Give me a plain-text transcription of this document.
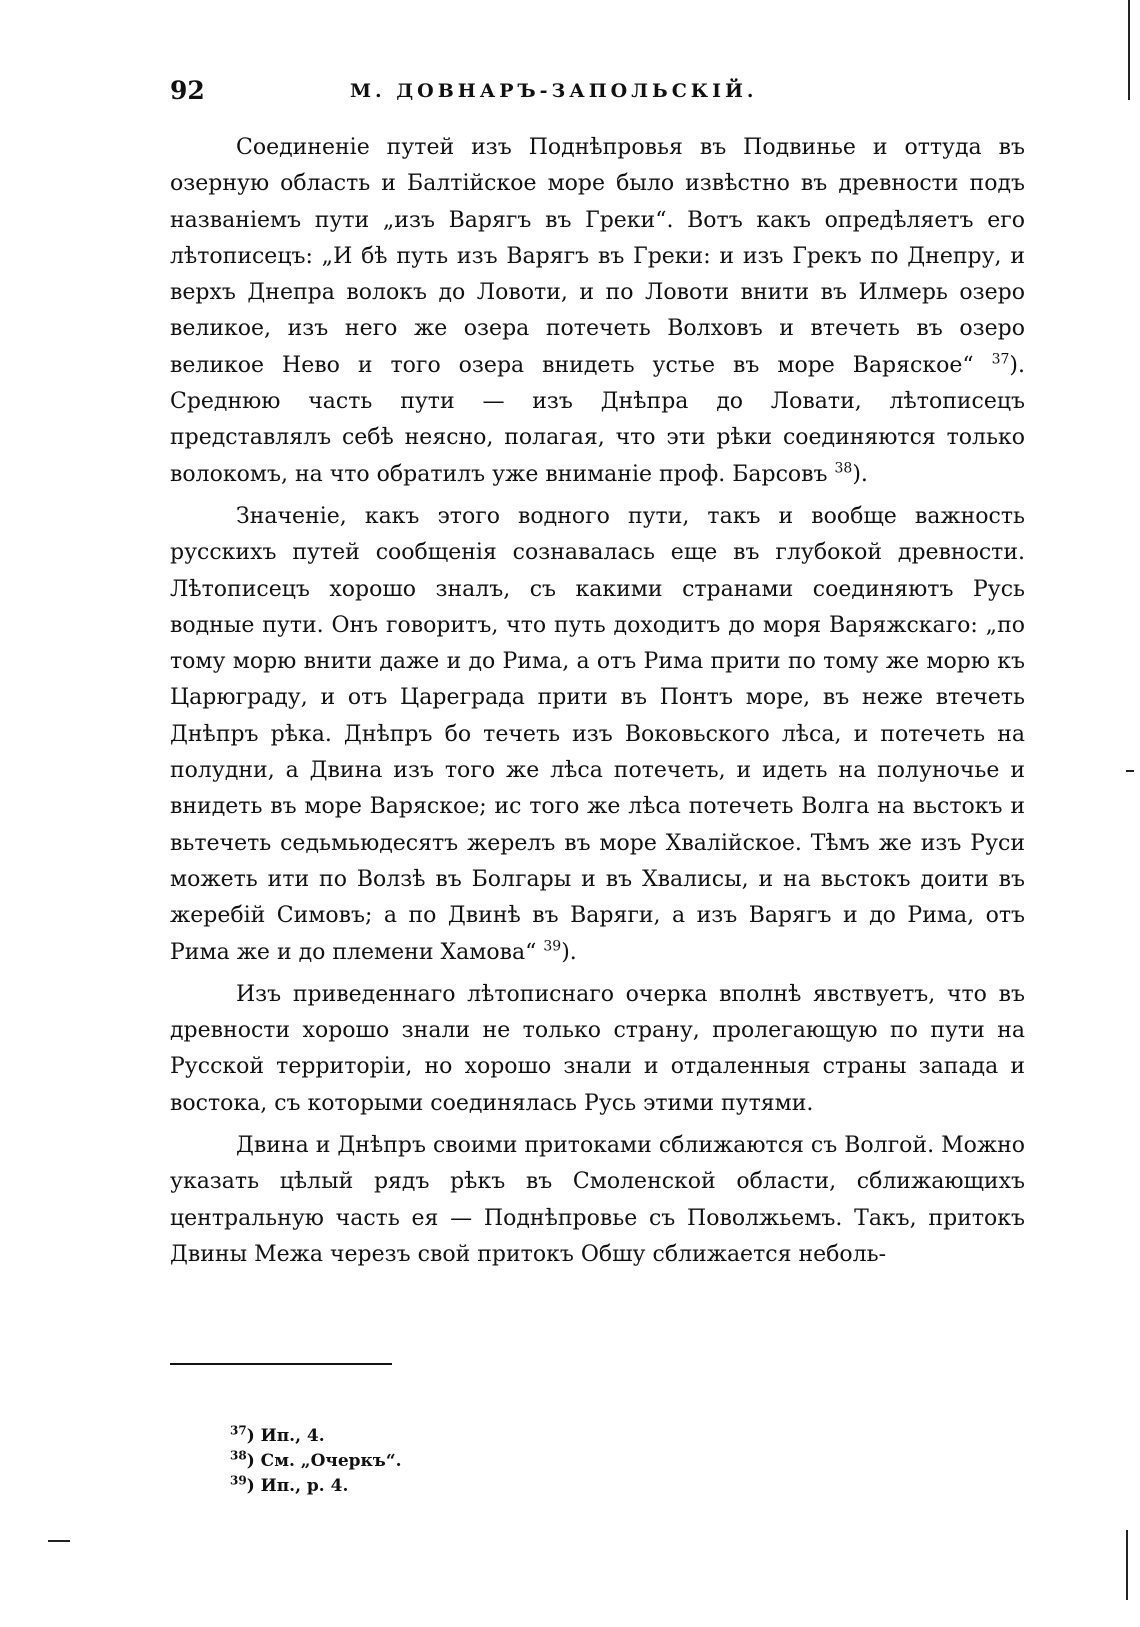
92	М. ДОВНАРЪ-ЗАПОЛЬСКІЙ.

Соединеніе путей изъ Поднѣпровья въ Подвинье и оттуда въ озерную область и Балтійское море было извѣстно въ древности подъ названіемъ пути „изъ Варягъ въ Греки“. Вотъ какъ опредѣляетъ его лѣтописецъ: „И бѣ путь изъ Варягъ въ Греки: и изъ Грекъ по Днепру, и верхъ Днепра волокъ до Ловоти, и по Ловоти внити въ Илмерь озеро великое, изъ него же озера потечеть Волховъ и втечеть въ озеро великое Нево и того озера внидеть устье въ море Варяское“ $^{37}$). Среднюю часть пути — изъ Днѣпра до Ловати, лѣтописецъ представлялъ себѣ неясно, полагая, что эти рѣки соединяются только волокомъ, на что обратилъ уже вниманіе проф. Барсовъ $^{38}$).

Значеніе, какъ этого водного пути, такъ и вообще важность русскихъ путей сообщенія сознавалась еще въ глубокой древности. Лѣтописецъ хорошо зналъ, съ какими странами соединяютъ Русь водные пути. Онъ говоритъ, что путь доходитъ до моря Варяжскаго: „по тому морю внити даже и до Рима, а отъ Рима прити по тому же морю къ Царюграду, и отъ Цареграда прити въ Понтъ море, въ неже втечеть Днѣпръ рѣка. Днѣпръ бо течеть изъ Воковьского лѣса, и потечеть на полудни, а Двина изъ того же лѣса потечеть, и идеть на полуночье и внидеть въ море Варяское; ис того же лѣса потечеть Волга на вьстокъ и вьтечеть седьмьюдесятъ жерелъ въ море Хвалійское. Тѣмъ же изъ Руси можеть ити по Волзѣ въ Болгары и въ Хвалисы, и на вьстокъ доити въ жеребій Симовъ; а по Двинѣ въ Варяги, а изъ Варягъ и до Рима, отъ Рима же и до племени Хамова“ $^{39}$).

Изъ приведеннаго лѣтописнаго очерка вполнѣ явствуетъ, что въ древности хорошо знали не только страну, пролегающую по пути на Русской территоріи, но хорошо знали и отдаленныя страны запада и востока, съ которыми соединялась Русь этими путями.

Двина и Днѣпръ своими притоками сближаются съ Волгой. Можно указать цѣлый рядъ рѣкъ въ Смоленской области, сближающихъ центральную часть ея — Поднѣпровье съ Поволжьемъ. Такъ, притокъ Двины Межа черезъ свой притокъ Обшу сближается неболь-

$^{37}$) Ип., 4.
$^{38}$) См. „Очеркъ“.
$^{39}$) Ип., р. 4.
